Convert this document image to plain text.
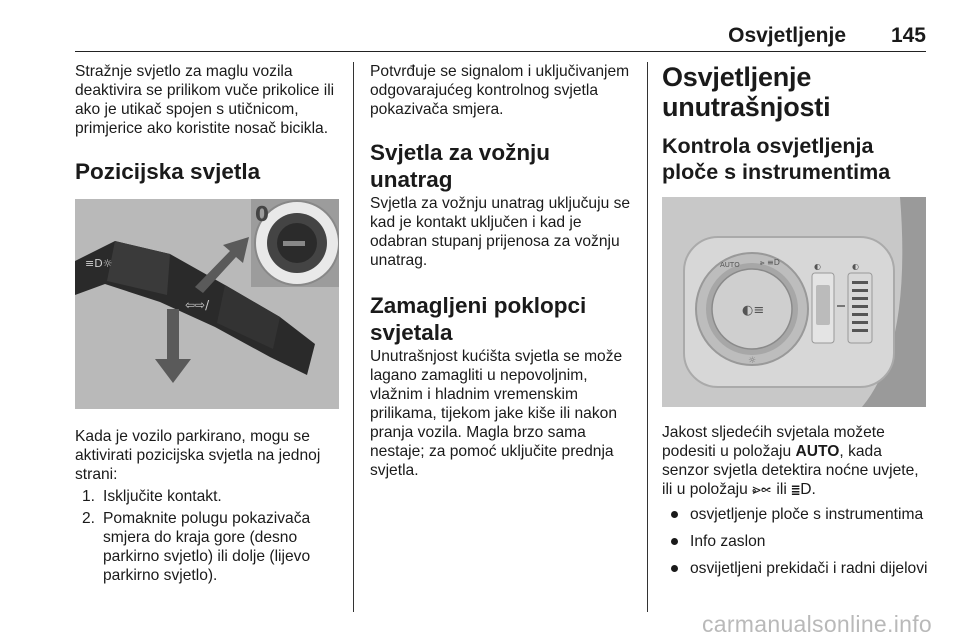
Osvjetljenje 145

Stražnje svjetlo za maglu vozila deaktivira se prilikom vuče prikolice ili ako je utikač spojen s utičnicom, primjerice ako koristite nosač bicikla.

Pozicijska svjetla
≡D☼
⇦⇨/
0

Kada je vozilo parkirano, mogu se aktivirati pozicijska svjetla na jednoj strani:

1. Isključite kontakt.
2. Pomaknite polugu pokazivača smjera do kraja gore (desno parkirno svjetlo) ili dolje (lijevo parkirno svjetlo).

Potvrđuje se signalom i uključivanjem odgovarajućeg kontrolnog svjetla pokazivača smjera.

Svjetla za vožnju unatrag

Svjetla za vožnju unatrag uključuju se kad je kontakt uključen i kad je odabran stupanj prijenosa za vožnju unatrag.

Zamagljeni poklopci svjetala

Unutrašnjost kućišta svjetla se može lagano zamagliti u nepovoljnim, vlažnim i hladnim vremenskim prilikama, tijekom jake kiše ili nakon pranja vozila. Magla brzo sama nestaje; za pomoć uključite prednja svjetla.

Osvjetljenje unutrašnjosti
Kontrola osvjetljenja ploče s instrumentima
◐≡
AUTO	⩺ ≡D
☼
◐	◐

Jakost sljedećih svjetala možete podesiti u položaju AUTO, kada senzor svjetla detektira noćne uvjete, ili u položaju ⩺∝ ili ≣D.

osvjetljenje ploče s instrumentima
Info zaslon
osvijetljeni prekidači i radni dijelovi
carmanualsonline.info
